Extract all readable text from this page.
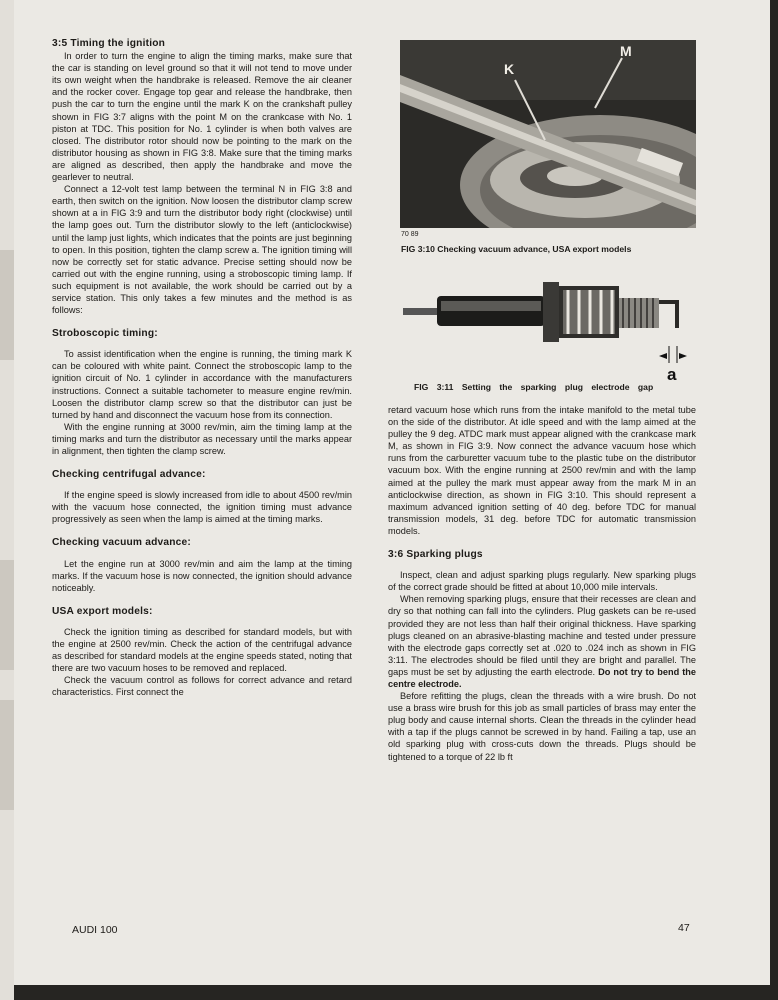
3:5 Timing the ignition

In order to turn the engine to align the timing marks, make sure that the car is standing on level ground so that it will not tend to move under its own weight when the handbrake is released. Remove the air cleaner and the rocker cover. Engage top gear and release the handbrake, then push the car to turn the engine until the mark K on the crankshaft pulley shown in FIG 3:7 aligns with the point M on the crankcase with No. 1 piston at TDC. This position for No. 1 cylinder is when both valves are closed. The distributor rotor should now be pointing to the mark on the distributor housing as shown in FIG 3:8. Make sure that the timing marks are aligned as described, then apply the handbrake and move the gearlever to neutral.

Connect a 12-volt test lamp between the terminal N in FIG 3:8 and earth, then switch on the ignition. Now loosen the distributor clamp screw shown at a in FIG 3:9 and turn the distributor body right (clockwise) until the lamp goes out. Turn the distributor slowly to the left (anticlockwise) until the lamp just lights, which indicates that the points are just beginning to open. In this position, tighten the clamp screw a. The ignition timing will now be correctly set for static advance. Precise setting should now be carried out with the engine running, using a stroboscopic timing lamp. If such equipment is not available, the work should be carried out by a service station. This only takes a few minutes and the method is as follows:

Stroboscopic timing:

To assist identification when the engine is running, the timing mark K can be coloured with white paint. Connect the stroboscopic lamp to the ignition circuit of No. 1 cylinder in accordance with the manufacturers instructions. Connect a suitable tachometer to measure engine rev/min. Loosen the distributor clamp screw so that the distributor can just be turned by hand and disconnect the vacuum hose from its connection.

With the engine running at 3000 rev/min, aim the timing lamp at the timing marks and turn the distributor as necessary until the marks appear in alignment, then tighten the clamp screw.

Checking centrifugal advance:

If the engine speed is slowly increased from idle to about 4500 rev/min with the vacuum hose connected, the ignition timing must advance progressively as seen when the lamp is aimed at the timing marks.

Checking vacuum advance:

Let the engine run at 3000 rev/min and aim the lamp at the timing marks. If the vacuum hose is now connected, the ignition should advance noticeably.

USA export models:

Check the ignition timing as described for standard models, but with the engine at 2500 rev/min. Check the action of the centrifugal advance as described for standard models at the engine speeds stated, noting that there are two vacuum hoses to be removed and replaced.

Check the vacuum control as follows for correct advance and retard characteristics. First connect the

K
M
70 89
FIG 3:10 Checking vacuum advance, USA export models
a
FIG 3:11 Setting the sparking plug electrode gap

retard vacuum hose which runs from the intake manifold to the metal tube on the side of the distributor. At idle speed and with the lamp aimed at the pulley the 9 deg. ATDC mark must appear aligned with the crankcase mark M, as shown in FIG 3:9. Now connect the advance vacuum hose which runs from the carburetter vacuum tube to the plastic tube on the distributor vacuum box. With the engine running at 2500 rev/min and with the lamp aimed at the pulley the mark must appear away from the mark M in an anticlockwise direction, as shown in FIG 3:10. This should represent a maximum advanced ignition setting of 40 deg. before TDC for manual transmission models, 31 deg. before TDC for automatic transmission models.

3:6 Sparking plugs

Inspect, clean and adjust sparking plugs regularly. New sparking plugs of the correct grade should be fitted at about 10,000 mile intervals.

When removing sparking plugs, ensure that their recesses are clean and dry so that nothing can fall into the cylinders. Plug gaskets can be re-used provided they are not less than half their original thickness. Have sparking plugs cleaned on an abrasive-blasting machine and tested under pressure with the electrode gaps correctly set at .020 to .024 inch as shown in FIG 3:11. The electrodes should be filed until they are bright and parallel. The gaps must be set by adjusting the earth electrode. Do not try to bend the centre electrode.

Before refitting the plugs, clean the threads with a wire brush. Do not use a brass wire brush for this job as small particles of brass may enter the plug body and cause internal shorts. Clean the threads in the cylinder head with a tap if the plugs cannot be screwed in by hand. Failing a tap, use an old sparking plug with cross-cuts down the threads. Plugs should be tightened to a torque of 22 lb ft

AUDI 100	47
